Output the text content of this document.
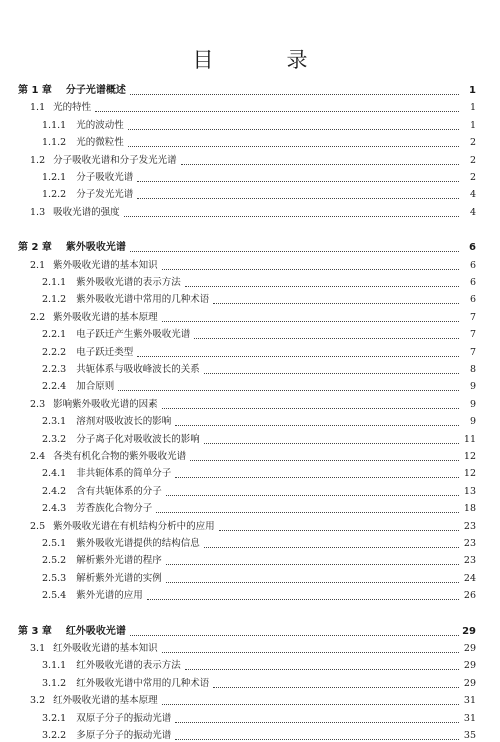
目　录
第 1 章 分子光谱概述	1
1.1 光的特性	1
1.1.1 光的波动性	1
1.1.2 光的微粒性	2
1.2 分子吸收光谱和分子发光光谱	2
1.2.1 分子吸收光谱	2
1.2.2 分子发光光谱	4
1.3 吸收光谱的强度	4
第 2 章 紫外吸收光谱	6
2.1 紫外吸收光谱的基本知识	6
2.1.1 紫外吸收光谱的表示方法	6
2.1.2 紫外吸收光谱中常用的几种术语	6
2.2 紫外吸收光谱的基本原理	7
2.2.1 电子跃迁产生紫外吸收光谱	7
2.2.2 电子跃迁类型	7
2.2.3 共轭体系与吸收峰波长的关系	8
2.2.4 加合原则	9
2.3 影响紫外吸收光谱的因素	9
2.3.1 溶剂对吸收波长的影响	9
2.3.2 分子离子化对吸收波长的影响	11
2.4 各类有机化合物的紫外吸收光谱	12
2.4.1 非共轭体系的简单分子	12
2.4.2 含有共轭体系的分子	13
2.4.3 芳香族化合物分子	18
2.5 紫外吸收光谱在有机结构分析中的应用	23
2.5.1 紫外吸收光谱提供的结构信息	23
2.5.2 解析紫外光谱的程序	23
2.5.3 解析紫外光谱的实例	24
2.5.4 紫外光谱的应用	26
第 3 章 红外吸收光谱	29
3.1 红外吸收光谱的基本知识	29
3.1.1 红外吸收光谱的表示方法	29
3.1.2 红外吸收光谱中常用的几种术语	29
3.2 红外吸收光谱的基本原理	31
3.2.1 双原子分子的振动光谱	31
3.2.2 多原子分子的振动光谱	35
